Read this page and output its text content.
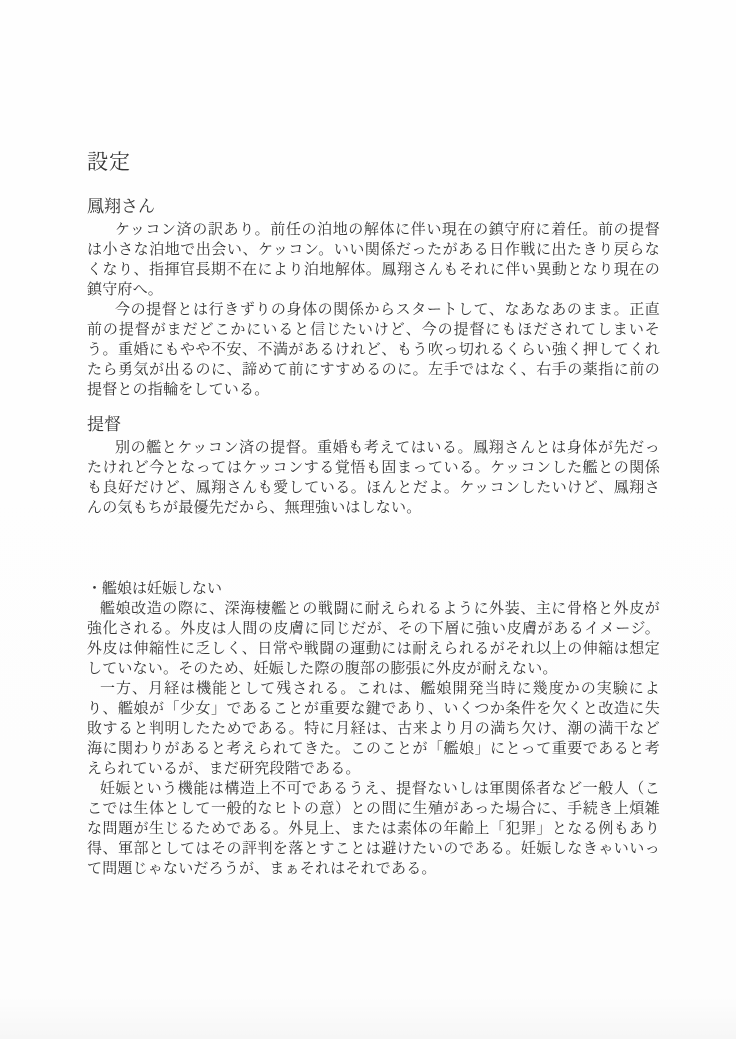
設定
鳳翔さん

ケッコン済の訳あり。前任の泊地の解体に伴い現在の鎮守府に着任。前の提督は小さな泊地で出会い、ケッコン。いい関係だったがある日作戦に出たきり戻らなくなり、指揮官長期不在により泊地解体。鳳翔さんもそれに伴い異動となり現在の鎮守府へ。

今の提督とは行きずりの身体の関係からスタートして、なあなあのまま。正直前の提督がまだどこかにいると信じたいけど、今の提督にもほだされてしまいそう。重婚にもやや不安、不満があるけれど、もう吹っ切れるくらい強く押してくれたら勇気が出るのに、諦めて前にすすめるのに。左手ではなく、右手の薬指に前の提督との指輪をしている。

提督

別の艦とケッコン済の提督。重婚も考えてはいる。鳳翔さんとは身体が先だったけれど今となってはケッコンする覚悟も固まっている。ケッコンした艦との関係も良好だけど、鳳翔さんも愛している。ほんとだよ。ケッコンしたいけど、鳳翔さんの気もちが最優先だから、無理強いはしない。

・艦娘は妊娠しない

艦娘改造の際に、深海棲艦との戦闘に耐えられるように外装、主に骨格と外皮が強化される。外皮は人間の皮膚に同じだが、その下層に強い皮膚があるイメージ。外皮は伸縮性に乏しく、日常や戦闘の運動には耐えられるがそれ以上の伸縮は想定していない。そのため、妊娠した際の腹部の膨張に外皮が耐えない。

一方、月経は機能として残される。これは、艦娘開発当時に幾度かの実験により、艦娘が「少女」であることが重要な鍵であり、いくつか条件を欠くと改造に失敗すると判明したためである。特に月経は、古来より月の満ち欠け、潮の満干など海に関わりがあると考えられてきた。このことが「艦娘」にとって重要であると考えられているが、まだ研究段階である。

妊娠という機能は構造上不可であるうえ、提督ないしは軍関係者など一般人（ここでは生体として一般的なヒトの意）との間に生殖があった場合に、手続き上煩雑な問題が生じるためである。外見上、または素体の年齢上「犯罪」となる例もあり得、軍部としてはその評判を落とすことは避けたいのである。妊娠しなきゃいいって問題じゃないだろうが、まぁそれはそれである。
